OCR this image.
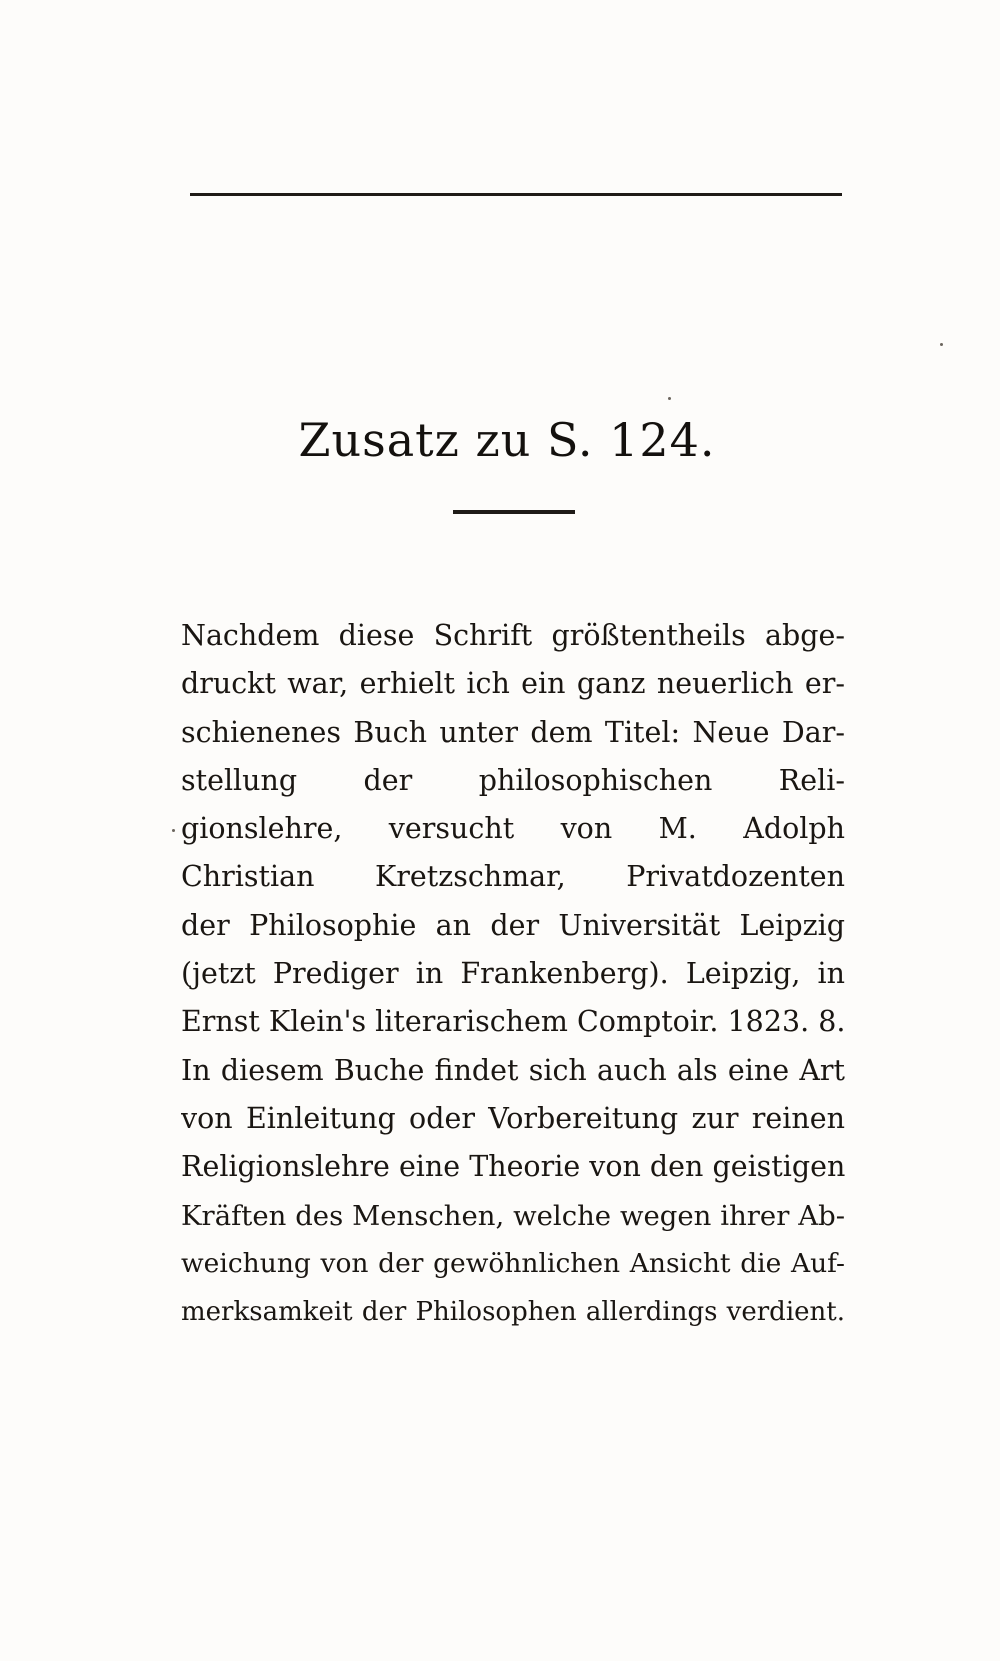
Zusatz zu S. 124.
Nachdem diese Schrift größtentheils abge-
druckt war, erhielt ich ein ganz neuerlich er-
schienenes Buch unter dem Titel: Neue Dar-
stellung der philosophischen Reli-
gionslehre, versucht von M. Adolph
Christian Kretzschmar, Privatdozenten
der Philosophie an der Universität Leipzig
(jetzt Prediger in Frankenberg). Leipzig, in
Ernst Klein's literarischem Comptoir. 1823. 8.
In diesem Buche findet sich auch als eine Art
von Einleitung oder Vorbereitung zur reinen
Religionslehre eine Theorie von den geistigen
Kräften des Menschen, welche wegen ihrer Ab-
weichung von der gewöhnlichen Ansicht die Auf-
merksamkeit der Philosophen allerdings verdient.
